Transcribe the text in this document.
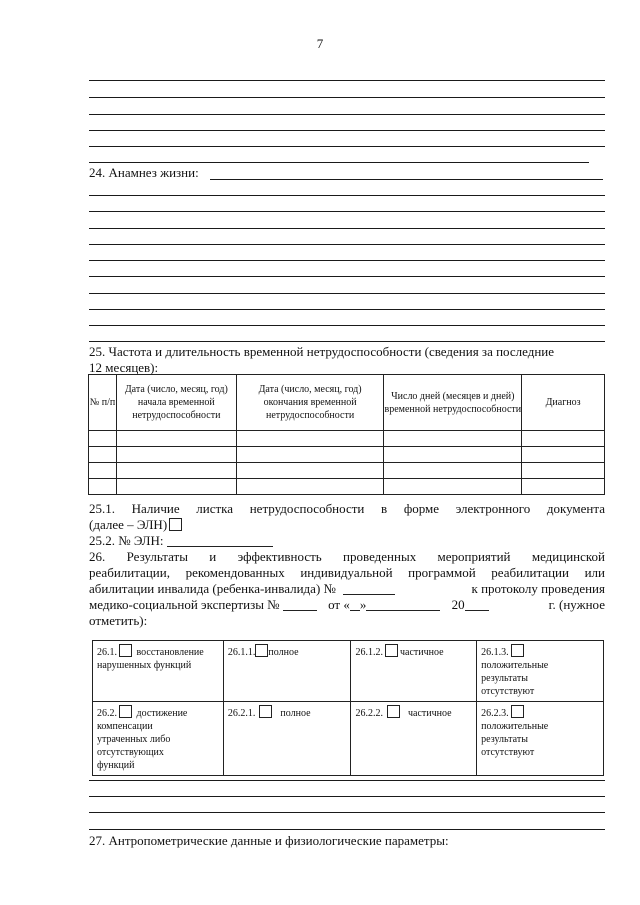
7
24. Анамнез жизни:
25. Частота и длительность временной нетрудоспособности (сведения за последние
12 месяцев):
№ п/п	Дата (число, месяц, год) начала временной нетрудоспособности	Дата (число, месяц, год) окончания временной нетрудоспособности	Число дней (месяцев и дней) временной нетрудоспособности	Диагноз

25.1. Наличие листка нетрудоспособности в форме электронного документа
(далее – ЭЛН)
25.2. № ЭЛН:
26. Результаты и эффективность проведенных мероприятий медицинской
реабилитации, рекомендованных индивидуальной программой реабилитации или
абилитации инвалида (ребенка-инвалида) №	к протоколу проведения
медико-социальной экспертизы №	от « »	20	г. (нужное
отметить):
26.1. восстановление
нарушенных функций	26.1.1. полное	26.1.2. частичное	26.1.3.
положительные результаты отсутствуют
26.2. достижение
компенсации утраченных либо отсутствующих функций	26.2.1. полное	26.2.2. частичное	26.2.3.
положительные результаты отсутствуют
27. Антропометрические данные и физиологические параметры:
